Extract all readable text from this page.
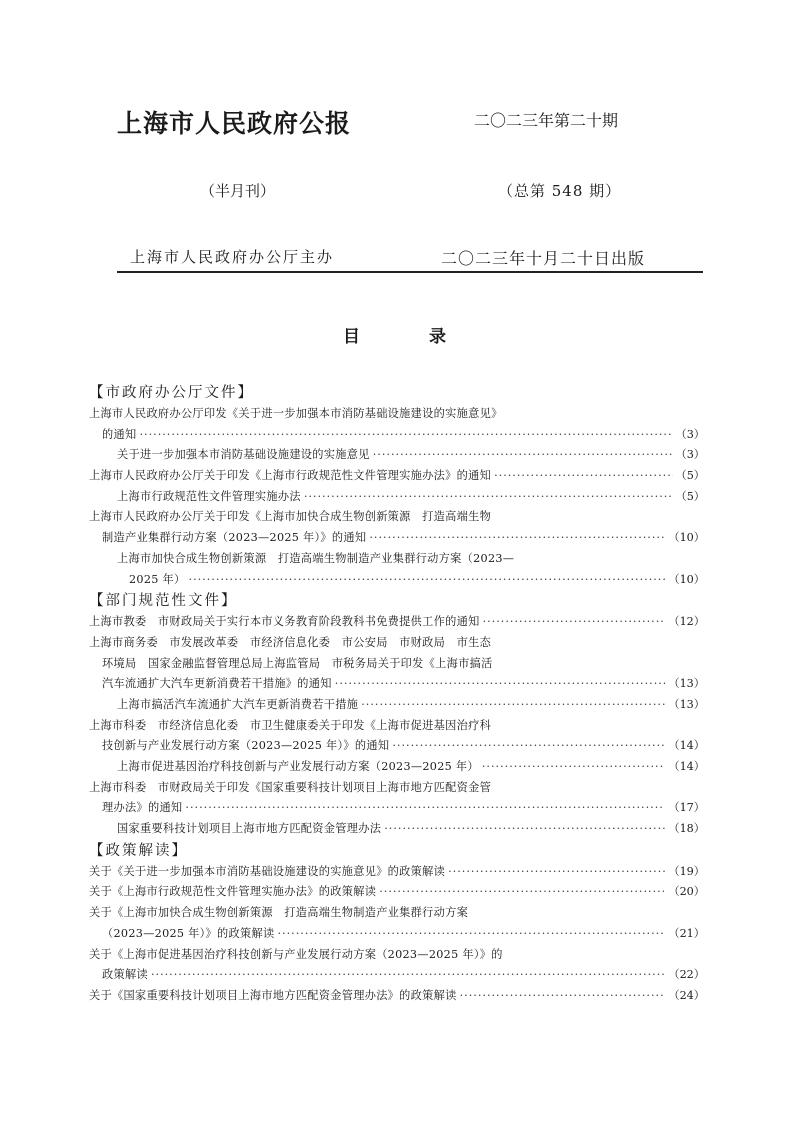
上海市人民政府公报	二〇二三年第二十期
（半月刊）	（总第 548 期）
上海市人民政府办公厅主办	二〇二三年十月二十日出版
目	录
【市政府办公厅文件】
上海市人民政府办公厅印发《关于进一步加强本市消防基础设施建设的实施意见》
的通知 ·····	（3）
关于进一步加强本市消防基础设施建设的实施意见 ·····	（3）
上海市人民政府办公厅关于印发《上海市行政规范性文件管理实施办法》的通知 ·····	（5）
上海市行政规范性文件管理实施办法 ·····	（5）
上海市人民政府办公厅关于印发《上海市加快合成生物创新策源　打造高端生物
制造产业集群行动方案（2023—2025 年）》的通知 ·····	（10）
上海市加快合成生物创新策源　打造高端生物制造产业集群行动方案（2023—
2025 年） ·····	（10）
【部门规范性文件】
上海市教委　市财政局关于实行本市义务教育阶段教科书免费提供工作的通知 ·····	（12）
上海市商务委　市发展改革委　市经济信息化委　市公安局　市财政局　市生态
环境局　国家金融监督管理总局上海监管局　市税务局关于印发《上海市搞活
汽车流通扩大汽车更新消费若干措施》的通知 ·····	（13）
上海市搞活汽车流通扩大汽车更新消费若干措施 ·····	（13）
上海市科委　市经济信息化委　市卫生健康委关于印发《上海市促进基因治疗科
技创新与产业发展行动方案（2023—2025 年）》的通知 ·····	（14）
上海市促进基因治疗科技创新与产业发展行动方案（2023—2025 年） ·····	（14）
上海市科委　市财政局关于印发《国家重要科技计划项目上海市地方匹配资金管
理办法》的通知 ·····	（17）
国家重要科技计划项目上海市地方匹配资金管理办法 ·····	（18）
【政策解读】
关于《关于进一步加强本市消防基础设施建设的实施意见》的政策解读 ·····	（19）
关于《上海市行政规范性文件管理实施办法》的政策解读 ·····	（20）
关于《上海市加快合成生物创新策源　打造高端生物制造产业集群行动方案
（2023—2025 年）》的政策解读 ·····	（21）
关于《上海市促进基因治疗科技创新与产业发展行动方案（2023—2025 年）》的
政策解读 ·····	（22）
关于《国家重要科技计划项目上海市地方匹配资金管理办法》的政策解读 ·····	（24）
